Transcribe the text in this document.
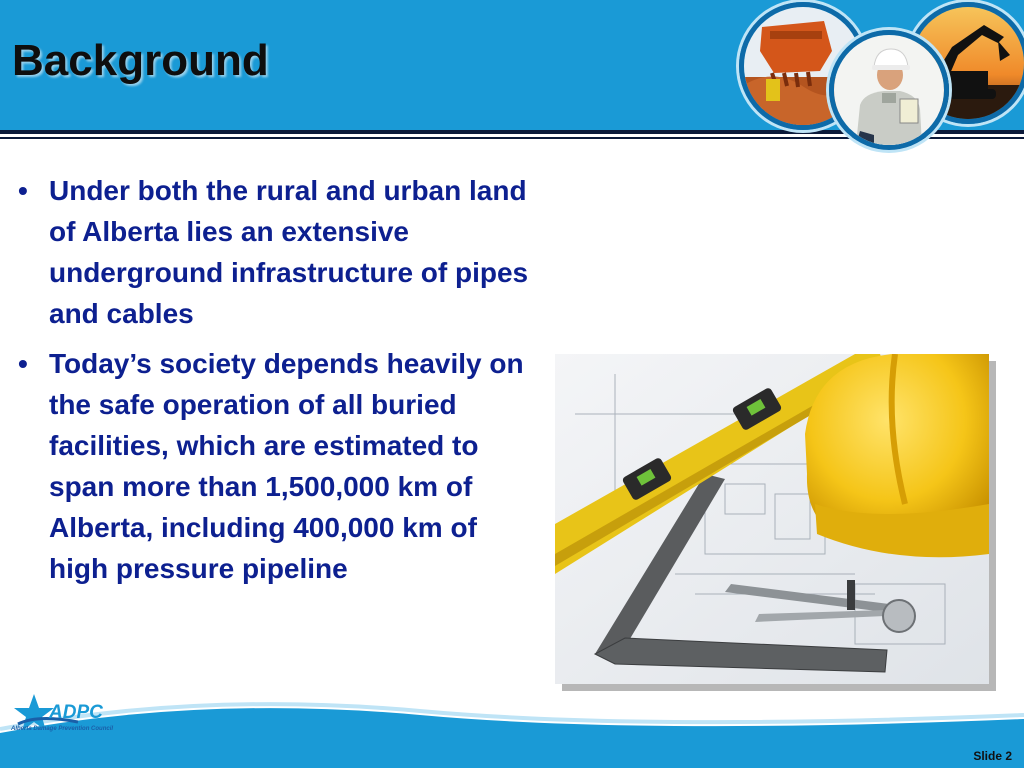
Background
• Under both the rural and urban land of Alberta lies an extensive underground infrastructure of pipes and cables
• Today’s society depends heavily on the safe operation of all buried facilities, which are estimated to span more than 1,500,000 km of Alberta, including 400,000 km of high pressure pipeline
ADPC
Alberta Damage Prevention Council
Slide 2
